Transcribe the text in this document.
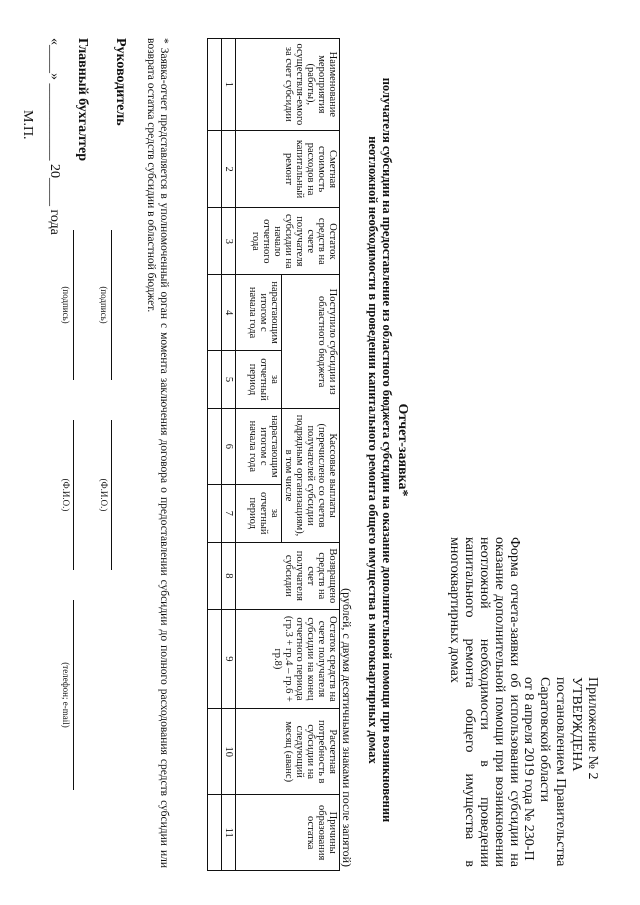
Приложение № 2
УТВЕРЖДЕНА
постановлением Правительства
Саратовской области
от 8 апреля 2019 года № 230-П
Форма отчета-заявки об использовании субсидии на оказание дополнительной помощи при возникновении неотложной необходимости в проведении капитального ремонта общего имущества в многоквартирных домах
Отчет-заявка*
получателя субсидии на предоставление из областного бюджета субсидии на оказание дополнительной помощи при возникновении неотложной необходимости в проведении капитального ремонта общего имущества в многоквартирных домах
(рублей, с двумя десятичными знаками после запятой)
Наименование мероприятия (работы), осуществля-емого за счет субсидии	Сметная стоимость расходов на капитальный ремонт	Остаток средств на счете получателя субсидии на начало отчетного года	Поступило субсидии из областного бюджета		Кассовые выплаты (перечислено со счетов получателей субсидии подрядным организациям), в том числе		Возвращено средств на счет получателя субсидии	Остаток средств на счете получателя субсидии на конец отчетного периода (гр.3 + гр.4 – гр.6 + гр.8)	Расчетная потребность в субсидии на следующий месяц (аванс)	Причины образования остатка
			нарастающим итогом с начала года	за отчетный период	нарастающим итогом с начала года	за отчетный период				
1	2	3	4	5	6	7	8	9	10	11

* Заявка-отчет представляется в уполномоченный орган с момента заключения договора о предоставлении субсидии до полного расходования средств субсидии или возврата остатка средств субсидии в областной бюджет.
Руководитель
(подпись)
(Ф.И.О.)
Главный бухгалтер
(подпись)
(Ф.И.О.)
(телефон; e-mail)
«____» ___________ 20____ года
М.П.
